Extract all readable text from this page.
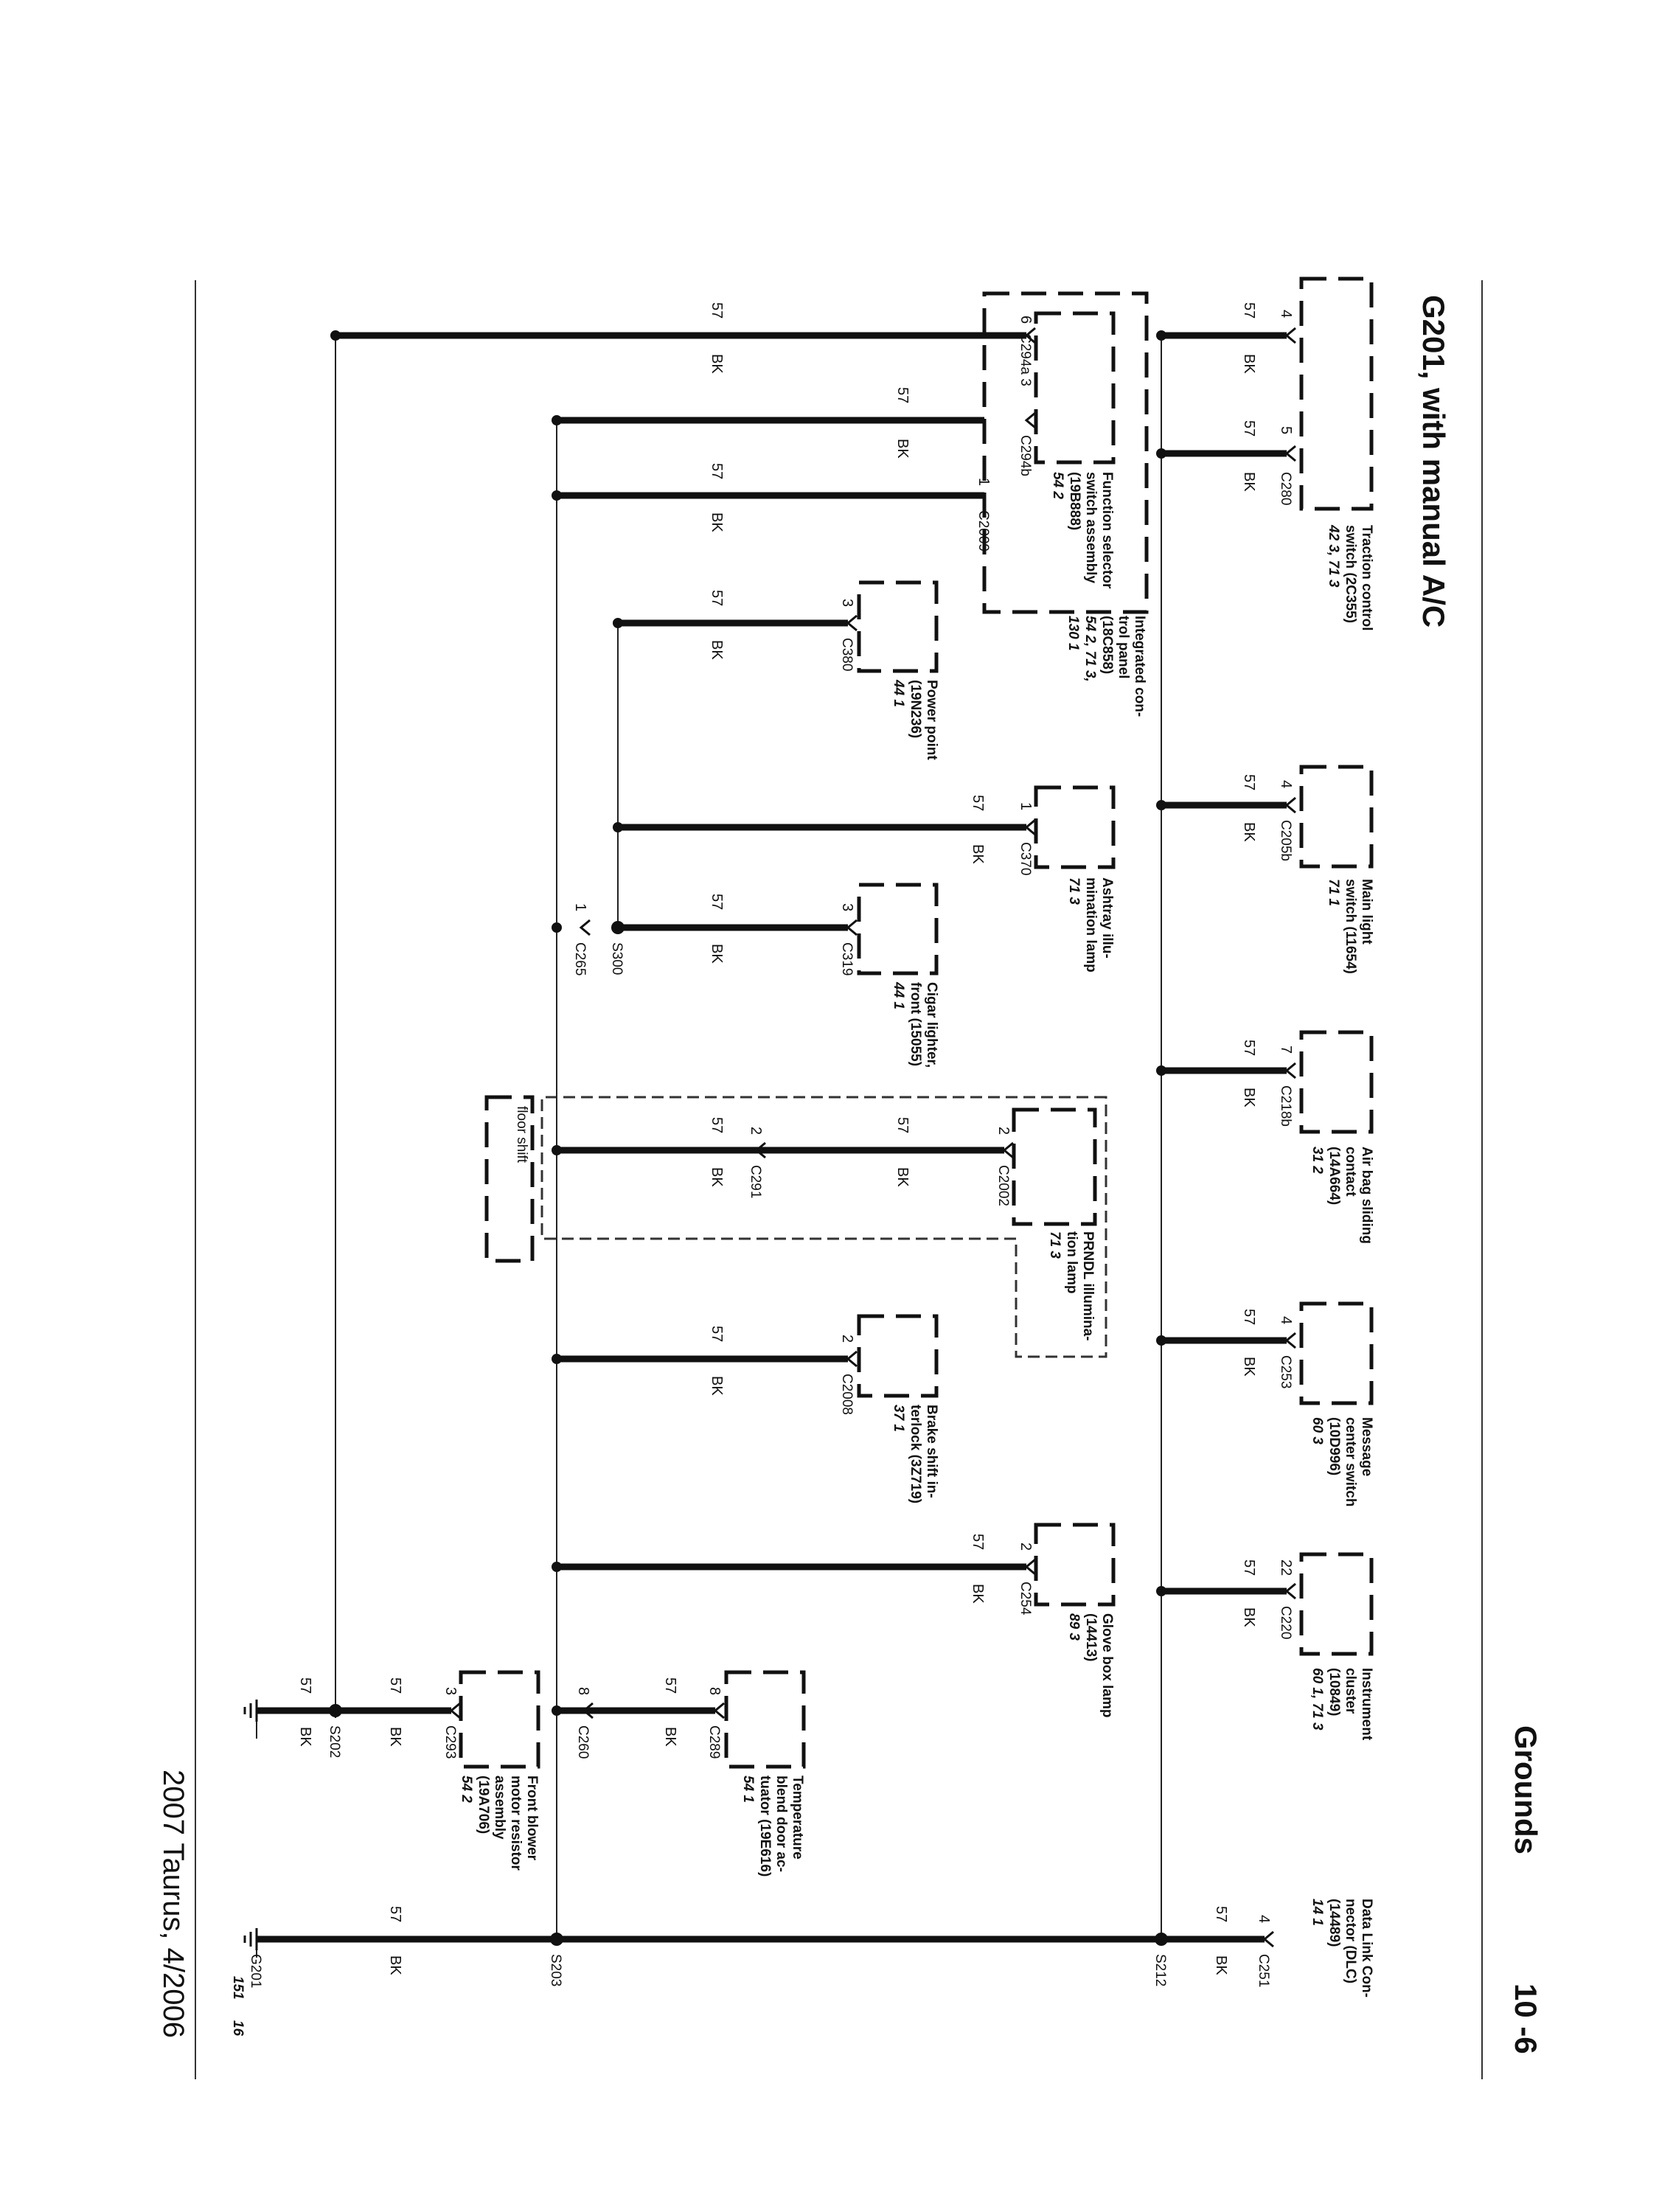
Grounds
10 -6
G201, with manual A/C
2007 Taurus, 4/2006	151
16
Traction control
switch (2C355)
42 3, 71 3
Main light
switch (11654)
71 1
Air bag sliding
contact
(14A664)
31 2
Message
center switch
(10D996)
60 3
Instrument
cluster
(10849)
60 1, 71 3
Data Link Con-
nector (DLC)
(14489)
14 1
Integrated con-
trol panel
(18C858)
130 1 54 2, 71 3,
Function selector
switch assembly
(19B888)
54 2
Power point
(19N236)
44 1
Ashtray illu-
mination lamp
71 3
Cigar lighter,
front (15055)
44 1
PRNDL illumina-
tion lamp
71 3
Brake shift in-
terlock (3Z719)
37 1
Glove box lamp
(14413)
89 3
Temperature
blend door ac-
tuator (19E616)
54 1
Front blower
motor resistor
assembly
(19A706)
54 2
floor shift
4
5
C280
4
C205b
7
C218b
4
C253
22
C220
4
C251
6
C294a 3
C294b
1
C2009
3
C380
1
C370
3
C319
1
C265 S300
2
C2002
2
C291
2
C2008
2
C254
8
C289
8
C260
3
C293
S202
S212
S203
G201
57
BK
57
BK
57
BK
57
BK
57
BK
57
BK
57
BK
57
BK
57
BK
57
BK
57
BK
57
BK
57
BK
57
BK
57
BK
57
BK
57
BK
57
BK
57
BK
57
BK
57
BK
